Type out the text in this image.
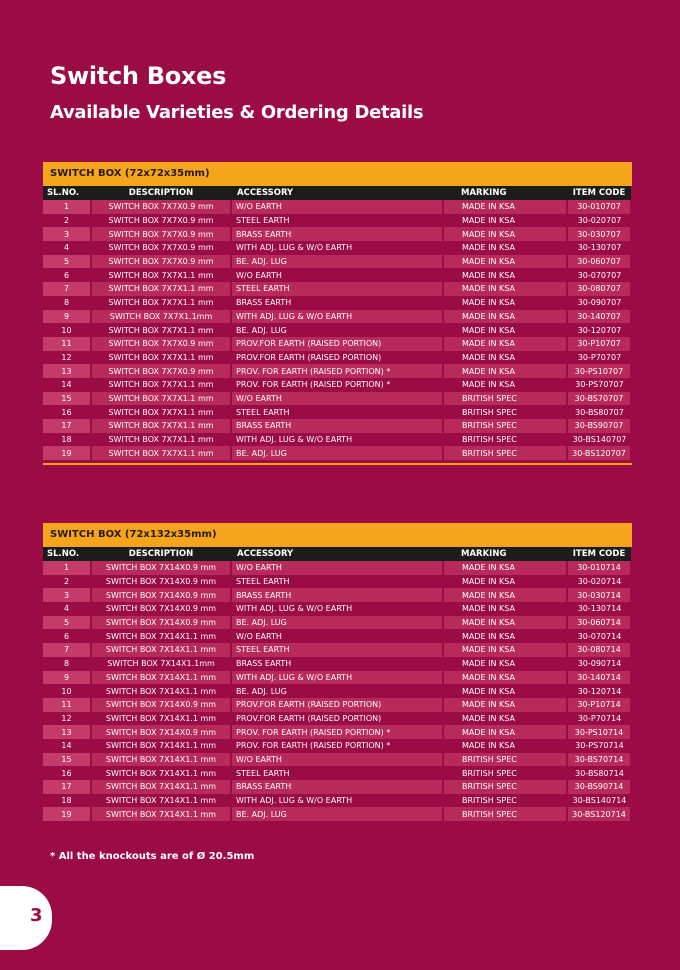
Switch Boxes
Available Varieties & Ordering Details
SWITCH BOX (72x72x35mm)
SL.NO.	DESCRIPTION	ACCESSORY	MARKING	ITEM CODE
1	SWITCH BOX 7X7X0.9 mm	W/O EARTH	MADE IN KSA	30-010707
2	SWITCH BOX 7X7X0.9 mm	STEEL EARTH	MADE IN KSA	30-020707
3	SWITCH BOX 7X7X0.9 mm	BRASS EARTH	MADE IN KSA	30-030707
4	SWITCH BOX 7X7X0.9 mm	WITH ADJ. LUG & W/O EARTH	MADE IN KSA	30-130707
5	SWITCH BOX 7X7X0.9 mm	BE. ADJ. LUG	MADE IN KSA	30-060707
6	SWITCH BOX 7X7X1.1 mm	W/O EARTH	MADE IN KSA	30-070707
7	SWITCH BOX 7X7X1.1 mm	STEEL EARTH	MADE IN KSA	30-080707
8	SWITCH BOX 7X7X1.1 mm	BRASS EARTH	MADE IN KSA	30-090707
9	SWITCH BOX 7X7X1.1mm	WITH ADJ. LUG & W/O EARTH	MADE IN KSA	30-140707
10	SWITCH BOX 7X7X1.1 mm	BE. ADJ. LUG	MADE IN KSA	30-120707
11	SWITCH BOX 7X7X0.9 mm	PROV.FOR EARTH (RAISED PORTION)	MADE IN KSA	30-P10707
12	SWITCH BOX 7X7X1.1 mm	PROV.FOR EARTH (RAISED PORTION)	MADE IN KSA	30-P70707
13	SWITCH BOX 7X7X0.9 mm	PROV. FOR EARTH (RAISED PORTION) *	MADE IN KSA	30-PS10707
14	SWITCH BOX 7X7X1.1 mm	PROV. FOR EARTH (RAISED PORTION) *	MADE IN KSA	30-PS70707
15	SWITCH BOX 7X7X1.1 mm	W/O EARTH	BRITISH SPEC	30-BS70707
16	SWITCH BOX 7X7X1.1 mm	STEEL EARTH	BRITISH SPEC	30-BS80707
17	SWITCH BOX 7X7X1.1 mm	BRASS EARTH	BRITISH SPEC	30-BS90707
18	SWITCH BOX 7X7X1.1 mm	WITH ADJ. LUG & W/O EARTH	BRITISH SPEC	30-BS140707
19	SWITCH BOX 7X7X1.1 mm	BE. ADJ. LUG	BRITISH SPEC	30-BS120707
SWITCH BOX (72x132x35mm)
SL.NO.	DESCRIPTION	ACCESSORY	MARKING	ITEM CODE
1	SWITCH BOX 7X14X0.9 mm	W/O EARTH	MADE IN KSA	30-010714
2	SWITCH BOX 7X14X0.9 mm	STEEL EARTH	MADE IN KSA	30-020714
3	SWITCH BOX 7X14X0.9 mm	BRASS EARTH	MADE IN KSA	30-030714
4	SWITCH BOX 7X14X0.9 mm	WITH ADJ. LUG & W/O EARTH	MADE IN KSA	30-130714
5	SWITCH BOX 7X14X0.9 mm	BE. ADJ. LUG	MADE IN KSA	30-060714
6	SWITCH BOX 7X14X1.1 mm	W/O EARTH	MADE IN KSA	30-070714
7	SWITCH BOX 7X14X1.1 mm	STEEL EARTH	MADE IN KSA	30-080714
8	SWITCH BOX 7X14X1.1mm	BRASS EARTH	MADE IN KSA	30-090714
9	SWITCH BOX 7X14X1.1 mm	WITH ADJ. LUG & W/O EARTH	MADE IN KSA	30-140714
10	SWITCH BOX 7X14X1.1 mm	BE. ADJ. LUG	MADE IN KSA	30-120714
11	SWITCH BOX 7X14X0.9 mm	PROV.FOR EARTH (RAISED PORTION)	MADE IN KSA	30-P10714
12	SWITCH BOX 7X14X1.1 mm	PROV.FOR EARTH (RAISED PORTION)	MADE IN KSA	30-P70714
13	SWITCH BOX 7X14X0.9 mm	PROV. FOR EARTH (RAISED PORTION) *	MADE IN KSA	30-PS10714
14	SWITCH BOX 7X14X1.1 mm	PROV. FOR EARTH (RAISED PORTION) *	MADE IN KSA	30-PS70714
15	SWITCH BOX 7X14X1.1 mm	W/O EARTH	BRITISH SPEC	30-BS70714
16	SWITCH BOX 7X14X1.1 mm	STEEL EARTH	BRITISH SPEC	30-BS80714
17	SWITCH BOX 7X14X1.1 mm	BRASS EARTH	BRITISH SPEC	30-BS90714
18	SWITCH BOX 7X14X1.1 mm	WITH ADJ. LUG & W/O EARTH	BRITISH SPEC	30-BS140714
19	SWITCH BOX 7X14X1.1 mm	BE. ADJ. LUG	BRITISH SPEC	30-BS120714
* All the knockouts are of Ø 20.5mm
3
